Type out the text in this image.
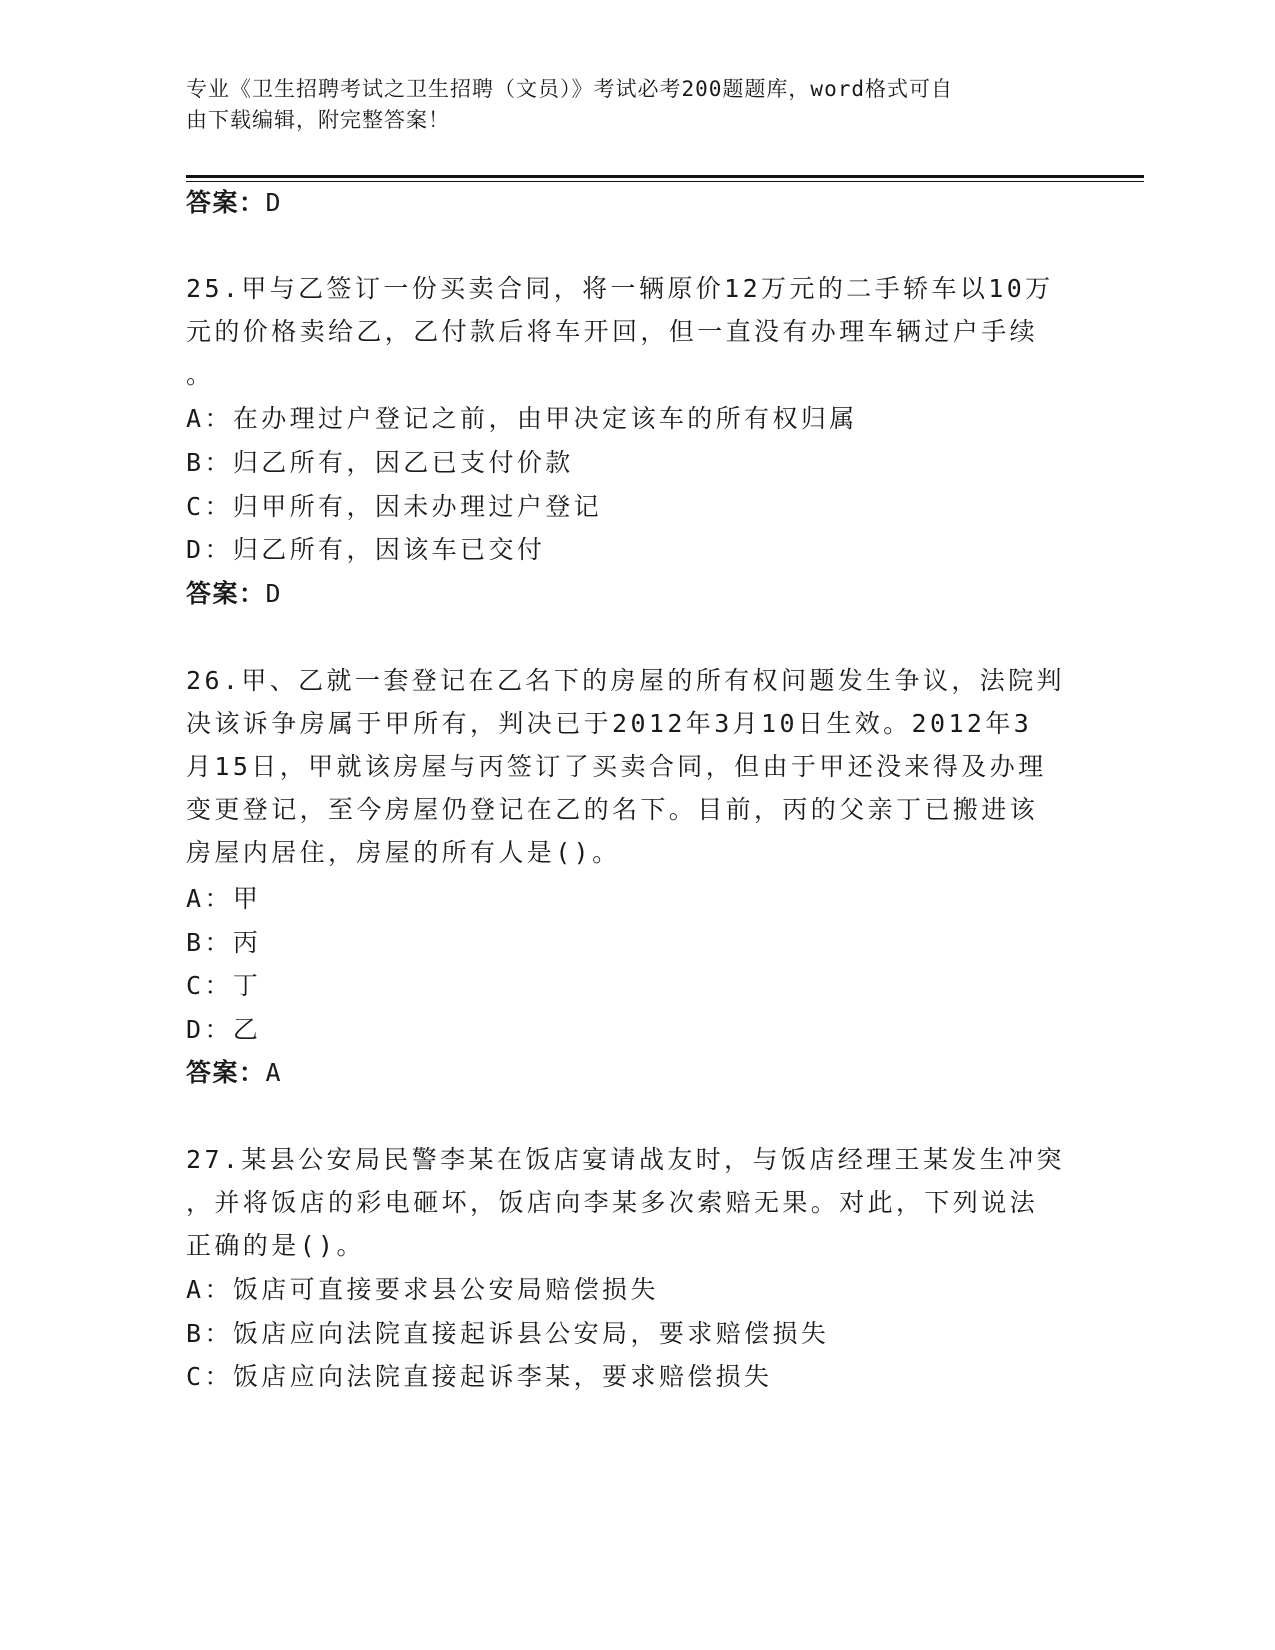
专业《卫生招聘考试之卫生招聘（文员）》考试必考200题题库，word格式可自
由下载编辑，附完整答案！
答案：D
25.甲与乙签订一份买卖合同，将一辆原价12万元的二手轿车以10万
元的价格卖给乙，乙付款后将车开回，但一直没有办理车辆过户手续
。
A：在办理过户登记之前，由甲决定该车的所有权归属
B：归乙所有，因乙已支付价款
C：归甲所有，因未办理过户登记
D：归乙所有，因该车已交付
答案：D
26.甲、乙就一套登记在乙名下的房屋的所有权问题发生争议，法院判
决该诉争房属于甲所有，判决已于2012年3月10日生效。2012年3
月15日，甲就该房屋与丙签订了买卖合同，但由于甲还没来得及办理
变更登记，至今房屋仍登记在乙的名下。目前，丙的父亲丁已搬进该
房屋内居住，房屋的所有人是()。
A：甲
B：丙
C：丁
D：乙
答案：A
27.某县公安局民警李某在饭店宴请战友时，与饭店经理王某发生冲突
，并将饭店的彩电砸坏，饭店向李某多次索赔无果。对此，下列说法
正确的是()。
A：饭店可直接要求县公安局赔偿损失
B：饭店应向法院直接起诉县公安局，要求赔偿损失
C：饭店应向法院直接起诉李某，要求赔偿损失
